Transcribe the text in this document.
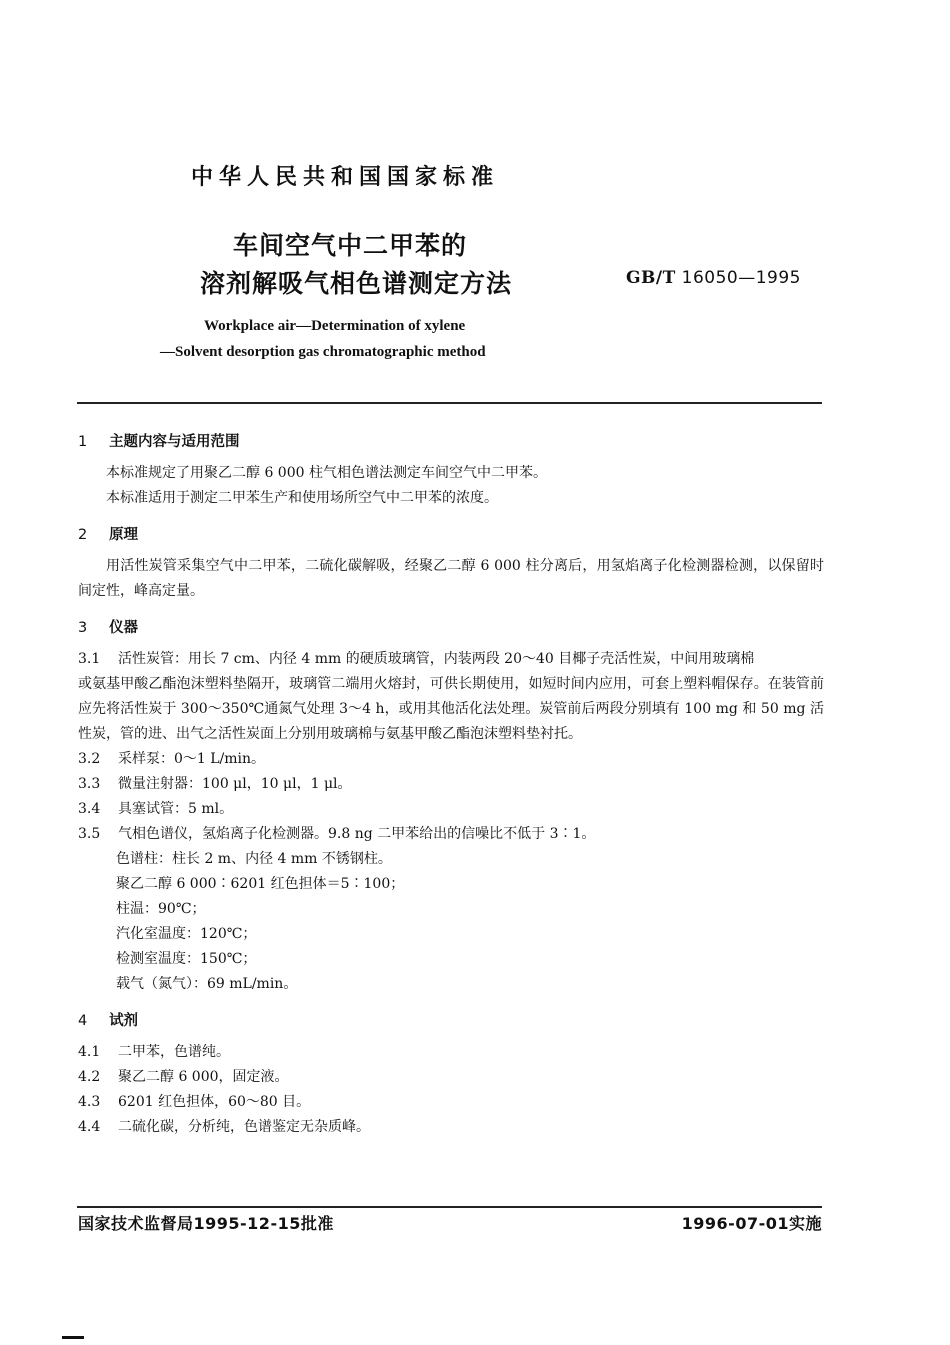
中华人民共和国国家标准
车间空气中二甲苯的
溶剂解吸气相色谱测定方法	GB/T 16050—1995
Workplace air—Determination of xylene
—Solvent desorption gas chromatographic method
1 主题内容与适用范围
本标准规定了用聚乙二醇 6 000 柱气相色谱法测定车间空气中二甲苯。
本标准适用于测定二甲苯生产和使用场所空气中二甲苯的浓度。
2 原理
用活性炭管采集空气中二甲苯，二硫化碳解吸，经聚乙二醇 6 000 柱分离后，用氢焰离子化检测器检测，以保留时间定性，峰高定量。
3 仪器
3.1	活性炭管：用长 7 cm、内径 4 mm 的硬质玻璃管，内装两段 20～40 目椰子壳活性炭，中间用玻璃棉
或氨基甲酸乙酯泡沫塑料垫隔开，玻璃管二端用火熔封，可供长期使用，如短时间内应用，可套上塑料帽保存。在装管前应先将活性炭于 300～350℃通氮气处理 3～4 h，或用其他活化法处理。炭管前后两段分别填有 100 mg 和 50 mg 活性炭，管的进、出气之活性炭面上分别用玻璃棉与氨基甲酸乙酯泡沫塑料垫衬托。
3.2	采样泵：0～1 L/min。
3.3	微量注射器：100 μl，10 μl，1 μl。
3.4	具塞试管：5 ml。
3.5	气相色谱仪，氢焰离子化检测器。9.8 ng 二甲苯给出的信噪比不低于 3∶1。
色谱柱：柱长 2 m、内径 4 mm 不锈钢柱。
聚乙二醇 6 000∶6201 红色担体＝5∶100；
柱温：90℃；
汽化室温度：120℃；
检测室温度：150℃；
载气（氮气）：69 mL/min。
4 试剂
4.1	二甲苯，色谱纯。
4.2	聚乙二醇 6 000，固定液。
4.3	6201 红色担体，60～80 目。
4.4	二硫化碳，分析纯，色谱鉴定无杂质峰。
国家技术监督局1995-12-15批准	1996-07-01实施
